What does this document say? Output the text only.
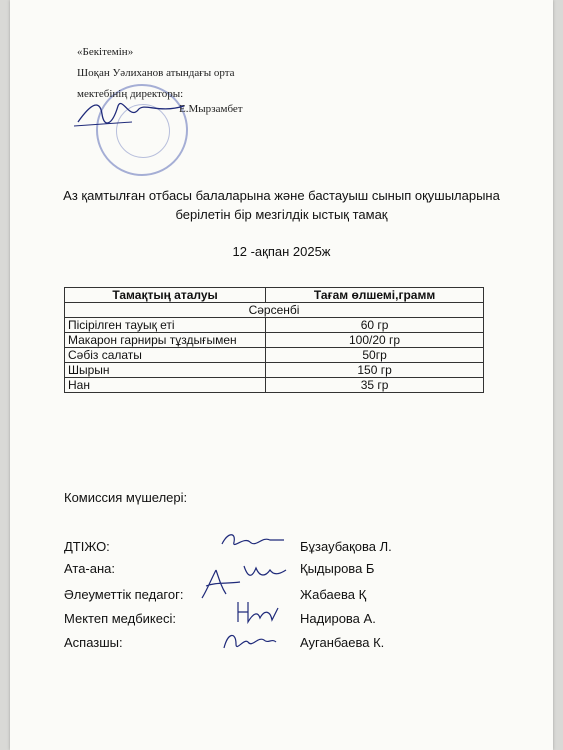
«Бекітемін»
Шоқан Уәлиханов атындағы орта
мектебінің директоры:
Е.Мырзамбет
Аз қамтылған отбасы балаларына және бастауыш сынып оқушыларына
берілетін бір мезгілдік ыстық тамақ
12 -ақпан 2025ж
Тамақтың аталуы	Тағам өлшемі,грамм
Сәрсенбі	
Пісірілген тауық еті	60 гр
Макарон гарниры тұздығымен	100/20 гр
Сәбіз салаты	50гр
Шырын	150 гр
Нан	35 гр
Комиссия мүшелері:
ДТІЖО:	Бұзаубақова Л.
Ата-ана:	Қыдырова Б
Әлеуметтік педагог:	Жабаева Қ
Мектеп медбикесі:	Надирова А.
Аспазшы:	Ауганбаева К.
